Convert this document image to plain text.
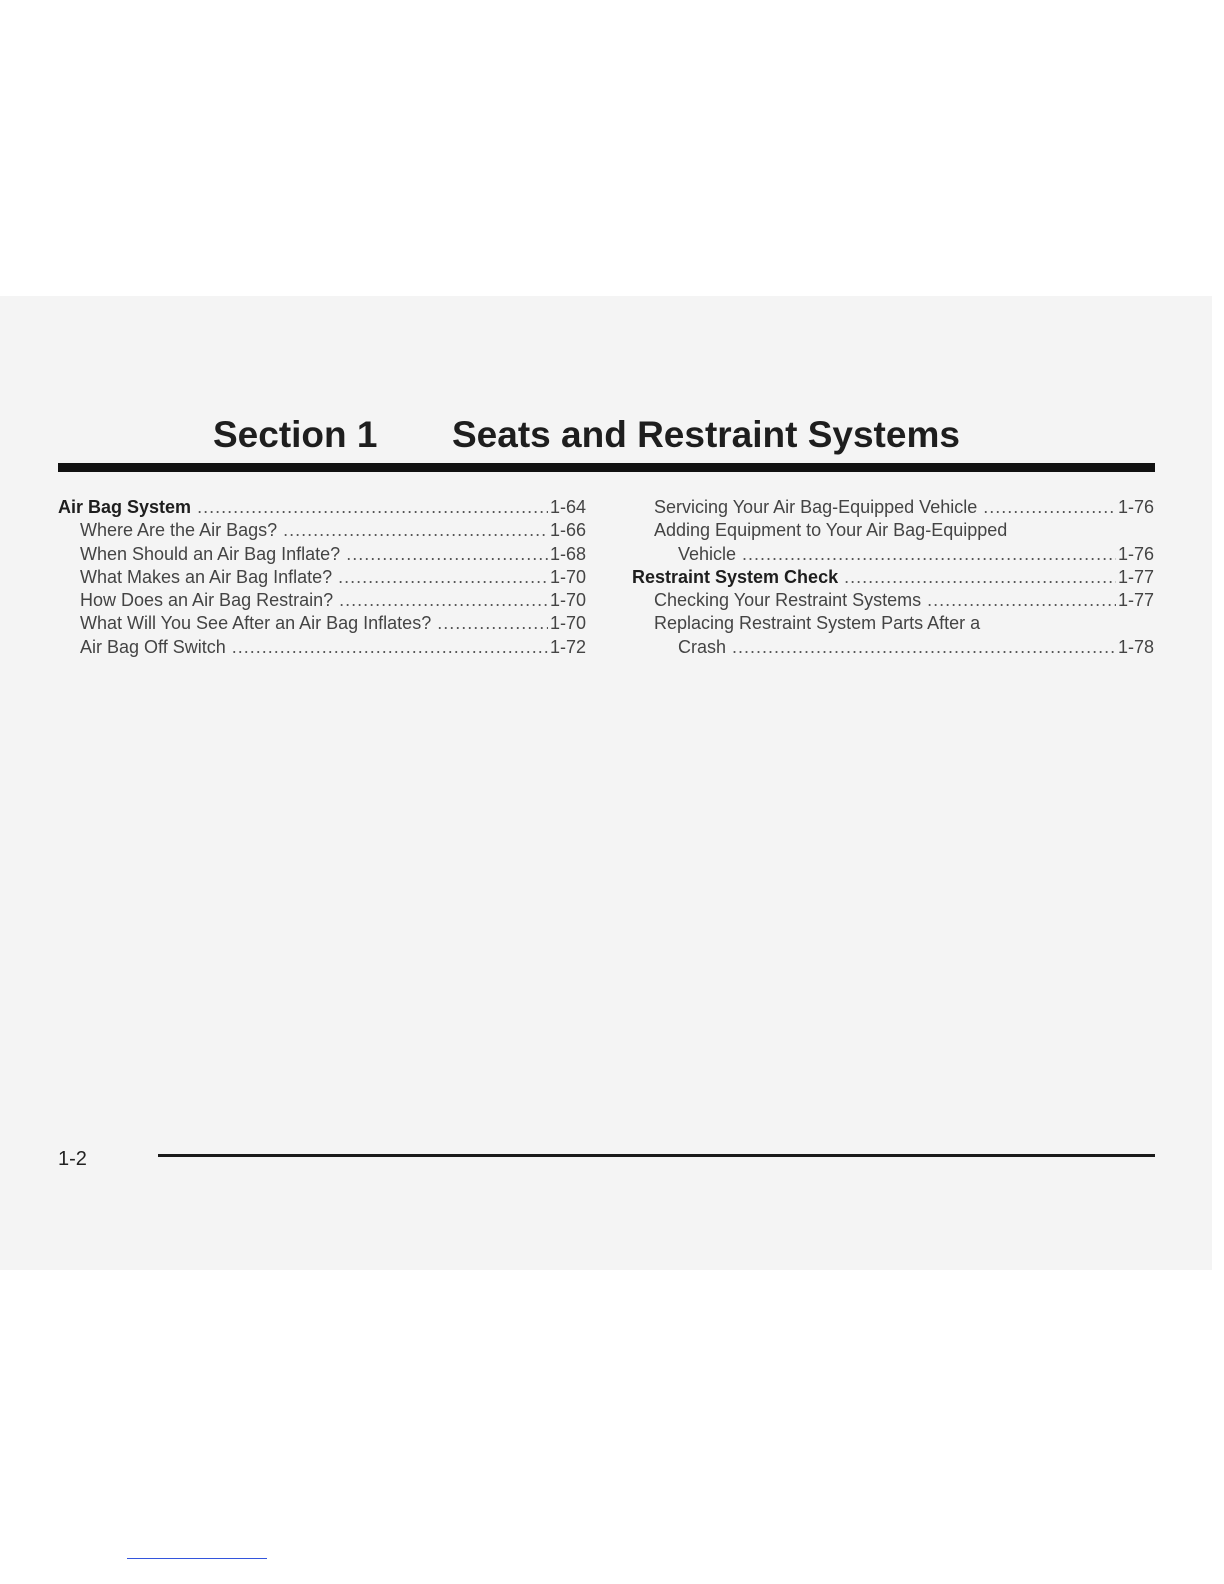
Section 1 Seats and Restraint Systems
Air Bag System .....	1-64
Where Are the Air Bags? .....	1-66
When Should an Air Bag Inflate? .....	1-68
What Makes an Air Bag Inflate? .....	1-70
How Does an Air Bag Restrain? .....	1-70
What Will You See After an Air Bag Inflates? .....	1-70
Air Bag Off Switch .....	1-72
Servicing Your Air Bag-Equipped Vehicle .....	1-76
Adding Equipment to Your Air Bag-Equipped
Vehicle .....	1-76
Restraint System Check .....	1-77
Checking Your Restraint Systems .....	1-77
Replacing Restraint System Parts After a
Crash .....	1-78
1-2
